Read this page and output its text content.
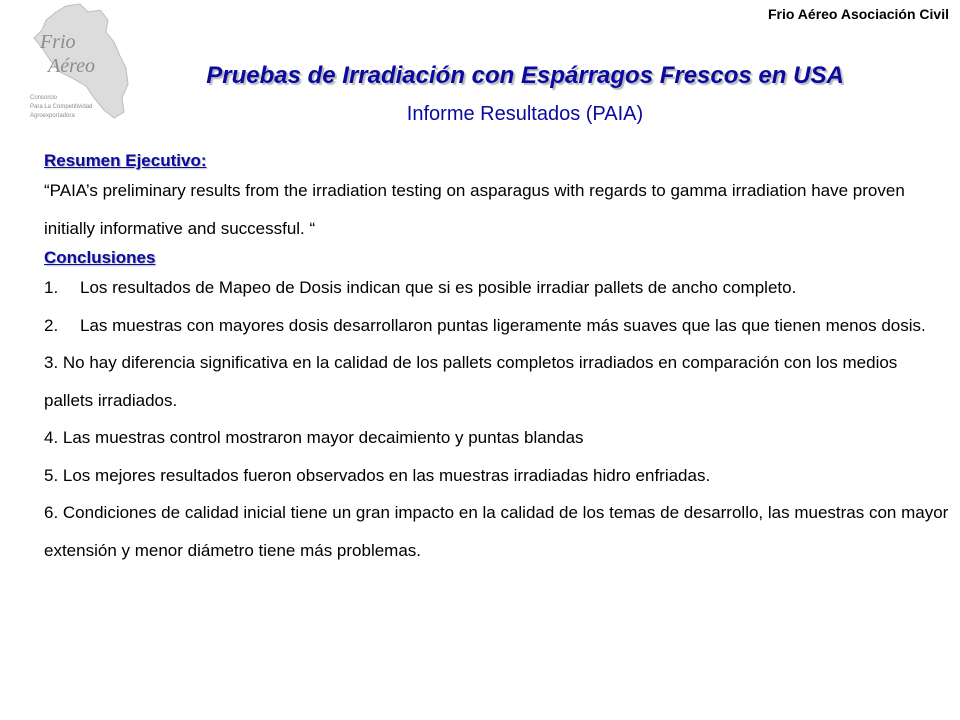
Frio
Aéreo
Consorcio
Para La Competitividad
Agroexportadora
Frio Aéreo Asociación Civil
Pruebas de Irradiación con Espárragos Frescos en USA
Informe Resultados (PAIA)
Resumen Ejecutivo:
“PAIA’s preliminary results from the irradiation testing on asparagus with regards to gamma irradiation have proven initially informative and successful. “
Conclusiones
1.	Los resultados de Mapeo de Dosis indican que si es posible irradiar pallets de ancho completo.
2.	Las muestras con mayores dosis desarrollaron puntas ligeramente más suaves que las que tienen menos dosis.
3. No hay diferencia significativa en la calidad de los pallets completos irradiados en comparación con los medios pallets irradiados.
4. Las muestras control mostraron mayor decaimiento y puntas blandas
5. Los mejores resultados fueron observados en las muestras irradiadas hidro enfriadas.
6. Condiciones de calidad inicial tiene un gran impacto en la calidad de los temas de desarrollo, las muestras con mayor extensión y menor diámetro tiene más problemas.
